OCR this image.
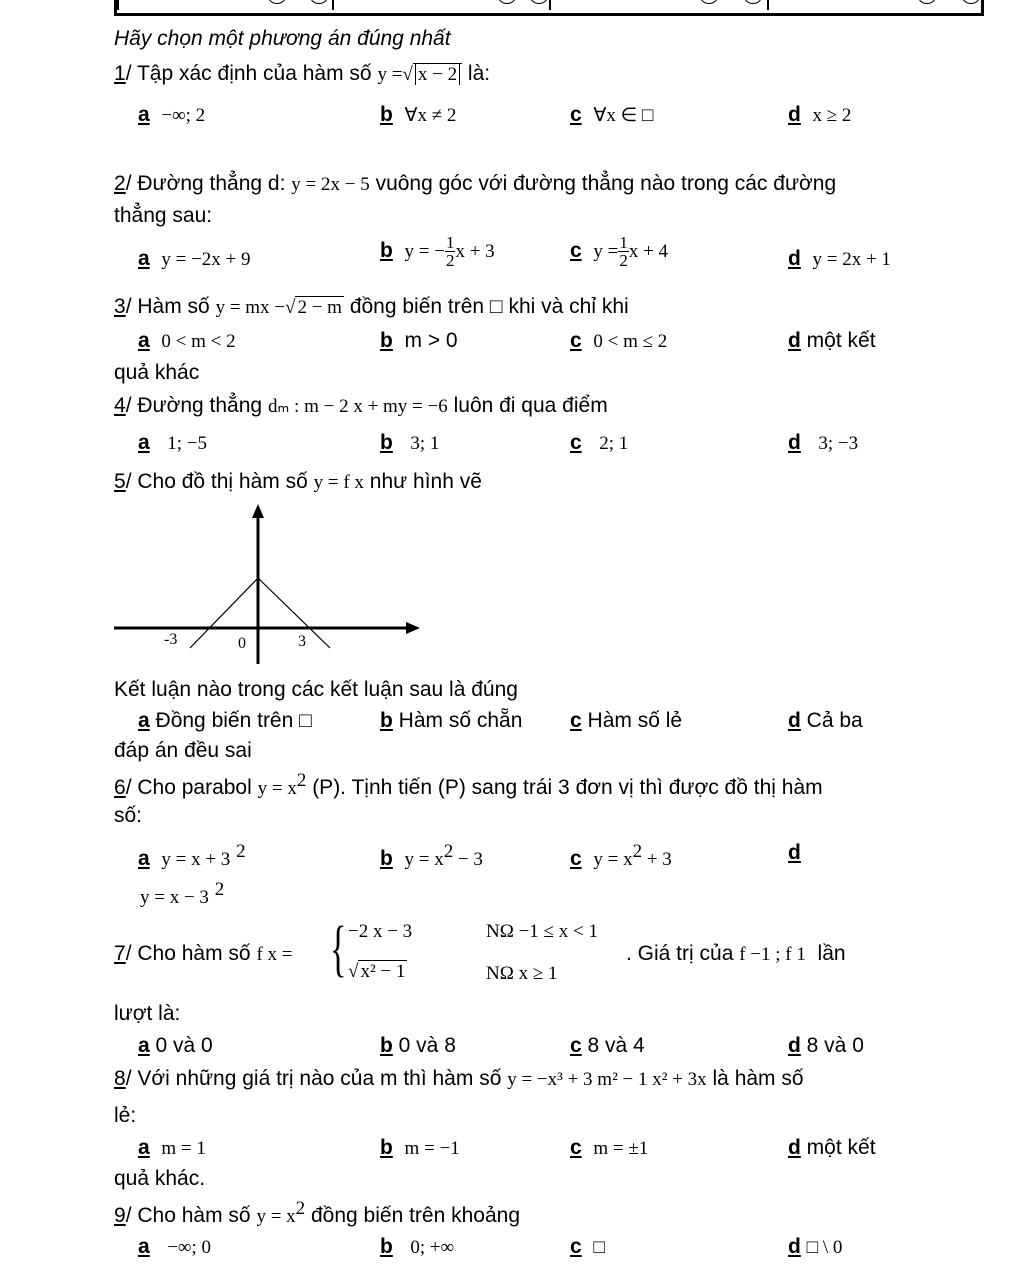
Hãy chọn một phương án đúng nhất
1/ Tập xác định của hàm số y =√ x − 2 là:
a −∞; 2	b ∀x ≠ 2	c ∀x ∈ □	d x ≥ 2
2/ Đường thẳng d: y = 2x − 5 vuông góc với đường thẳng nào trong các đường
thẳng sau:
a y = −2x + 9	b y = − $\frac{1}{2}$ x + 3	c $y = \frac{1}{2}$ x + 4	d y = 2x + 1
3/ Hàm số y = mx −√ 2 − m đồng biến trên □ khi và chỉ khi
a 0 < m < 2	b m > 0	c 0 < m ≤ 2	d một kết
quả khác
4/ Đường thẳng dₘ : m − 2 x + my = −6 luôn đi qua điểm
a 1; −5	b 3; 1	c 2; 1	d 3; −3
5/ Cho đồ thị hàm số y = f x như hình vẽ
-3	0	3
Kết luận nào trong các kết luận sau là đúng
a Đồng biến trên □	b Hàm số chẵn c Hàm số lẻ	d Cả ba
đáp án đều sai
6/ Cho parabol $y = x^2$ (P). Tịnh tiến (P) sang trái 3 đơn vị thì được đồ thị hàm
số:
a y = x + 3 $^2$	b $y = x^2 - 3$	c $y = x^2 + 3$	d
y = x − 3 $^2$
7/ Cho hàm số f x = { −2 x − 3	NΩ −1 ≤ x < 1
√ x² − 1	NΩ x ≥ 1
. Giá trị của f −1 ; f 1 lần
lượt là:
a 0 và 0	b 0 và 8	c 8 và 4	d 8 và 0
8/ Với những giá trị nào của m thì hàm số y = −x³ + 3 m² − 1 x² + 3x là hàm số
lẻ:
a m = 1	b m = −1	c m = ±1	d một kết
quả khác.
9/ Cho hàm số $y = x^2$ đồng biến trên khoảng
a −∞; 0	b 0; +∞	c □	d □ \ 0
